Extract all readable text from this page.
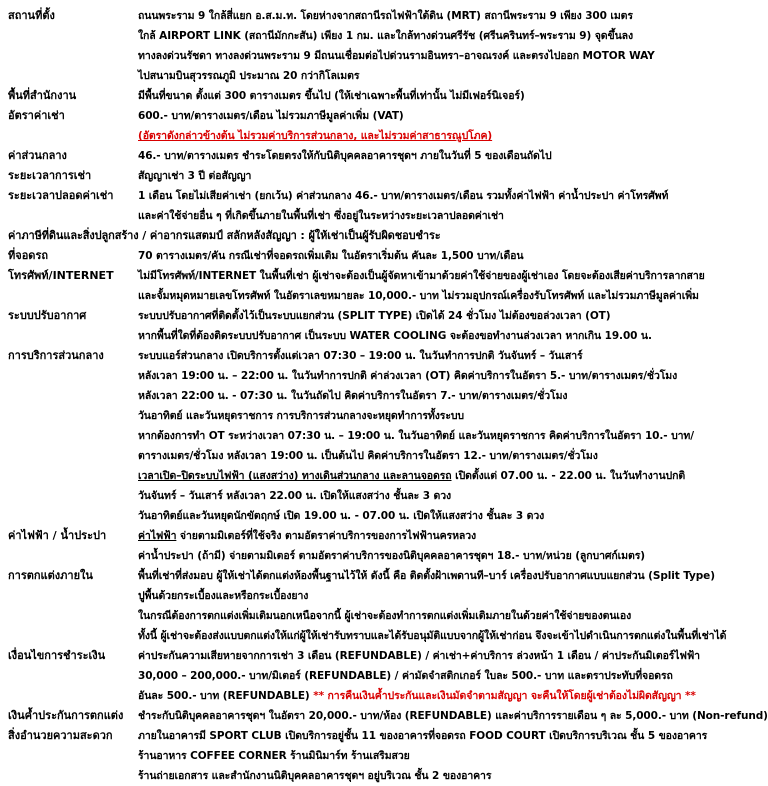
สถานที่ตั้ง	ถนนพระราม 9 ใกล้สี่แยก อ.ส.ม.ท. โดยห่างจากสถานีรถไฟฟ้าใต้ดิน (MRT) สถานีพระราม 9 เพียง 300 เมตร
ใกล้ AIRPORT LINK (สถานีมักกะสัน) เพียง 1 กม. และใกล้ทางด่วนศรีรัช (ศรีนครินทร์–พระราม 9) จุดขึ้นลง
ทางลงด่วนรัชดา ทางลงด่วนพระราม 9 มีถนนเชื่อมต่อไปด่วนรามอินทรา–อาจณรงค์ และตรงไปออก MOTOR WAY
ไปสนามบินสุวรรณภูมิ ประมาณ 20 กว่ากิโลเมตร
พื้นที่สำนักงาน	มีพื้นที่ขนาด ตั้งแต่ 300 ตารางเมตร ขึ้นไป (ให้เช่าเฉพาะพื้นที่เท่านั้น ไม่มีเฟอร์นิเจอร์)
อัตราค่าเช่า	600.- บาท/ตารางเมตร/เดือน ไม่รวมภาษีมูลค่าเพิ่ม (VAT)
(อัตราดังกล่าวข้างต้น ไม่รวมค่าบริการส่วนกลาง, และไม่รวมค่าสาธารณูปโภค)
ค่าส่วนกลาง	46.- บาท/ตารางเมตร ชำระโดยตรงให้กับนิติบุคคลอาคารชุดฯ ภายในวันที่ 5 ของเดือนถัดไป
ระยะเวลาการเช่า	สัญญาเช่า 3 ปี ต่อสัญญา
ระยะเวลาปลอดค่าเช่า	1 เดือน โดยไม่เสียค่าเช่า (ยกเว้น) ค่าส่วนกลาง 46.- บาท/ตารางเมตร/เดือน รวมทั้งค่าไฟฟ้า ค่าน้ำประปา ค่าโทรศัพท์
และค่าใช้จ่ายอื่น ๆ ที่เกิดขึ้นภายในพื้นที่เช่า ซึ่งอยู่ในระหว่างระยะเวลาปลอดค่าเช่า
ค่าภาษีที่ดินและสิ่งปลูกสร้าง / ค่าอากรแสตมป์ สลักหลังสัญญา : ผู้ให้เช่าเป็นผู้รับผิดชอบชำระ
ที่จอดรถ	70 ตารางเมตร/คัน กรณีเช่าที่จอดรถเพิ่มเติม ในอัตราเริ่มต้น คันละ 1,500 บาท/เดือน
โทรศัพท์/INTERNET	ไม่มีโทรศัพท์/INTERNET ในพื้นที่เช่า ผู้เช่าจะต้องเป็นผู้จัดหาเข้ามาด้วยค่าใช้จ่ายของผู้เช่าเอง โดยจะต้องเสียค่าบริการลากสาย
และจั้มหมุดหมายเลขโทรศัพท์ ในอัตราเลขหมายละ 10,000.- บาท ไม่รวมอุปกรณ์เครื่องรับโทรศัพท์ และไม่รวมภาษีมูลค่าเพิ่ม
ระบบปรับอากาศ	ระบบปรับอากาศที่ติดตั้งไว้เป็นระบบแยกส่วน (SPLIT TYPE) เปิดได้ 24 ชั่วโมง ไม่ต้องขอล่วงเวลา (OT)
หากพื้นที่ใดที่ต้องติดระบบปรับอากาศ เป็นระบบ WATER COOLING จะต้องขอทำงานล่วงเวลา หากเกิน 19.00 น.
การบริการส่วนกลาง	ระบบแอร์ส่วนกลาง เปิดบริการตั้งแต่เวลา 07:30 – 19:00 น. ในวันทำการปกติ วันจันทร์ – วันเสาร์
หลังเวลา 19:00 น. – 22:00 น. ในวันทำการปกติ ค่าล่วงเวลา (OT) คิดค่าบริการในอัตรา 5.- บาท/ตารางเมตร/ชั่วโมง
หลังเวลา 22:00 น. - 07:30 น. ในวันถัดไป คิดค่าบริการในอัตรา 7.- บาท/ตารางเมตร/ชั่วโมง
วันอาทิตย์ และวันหยุดราชการ การบริการส่วนกลางจะหยุดทำการทั้งระบบ
หากต้องการทำ OT ระหว่างเวลา 07:30 น. – 19:00 น. ในวันอาทิตย์ และวันหยุดราชการ คิดค่าบริการในอัตรา 10.- บาท/
ตารางเมตร/ชั่วโมง หลังเวลา 19:00 น. เป็นต้นไป คิดค่าบริการในอัตรา 12.- บาท/ตารางเมตร/ชั่วโมง
เวลาเปิด–ปิดระบบไฟฟ้า (แสงสว่าง) ทางเดินส่วนกลาง และลานจอดรถ เปิดตั้งแต่ 07.00 น. - 22.00 น. ในวันทำงานปกติ
วันจันทร์ – วันเสาร์ หลังเวลา 22.00 น. เปิดให้แสงสว่าง ชั้นละ 3 ดวง
วันอาทิตย์และวันหยุดนักขัตฤกษ์ เปิด 19.00 น. - 07.00 น. เปิดให้แสงสว่าง ชั้นละ 3 ดวง
ค่าไฟฟ้า / น้ำประปา	ค่าไฟฟ้า จ่ายตามมิเตอร์ที่ใช้จริง ตามอัตราค่าบริการของการไฟฟ้านครหลวง
ค่าน้ำประปา (ถ้ามี) จ่ายตามมิเตอร์ ตามอัตราค่าบริการของนิติบุคคลอาคารชุดฯ 18.- บาท/หน่วย (ลูกบาศก์เมตร)
การตกแต่งภายใน	พื้นที่เช่าที่ส่งมอบ ผู้ให้เช่าได้ตกแต่งห้องพื้นฐานไว้ให้ ดังนี้ คือ ติดตั้งฝ้าเพดานที–บาร์ เครื่องปรับอากาศแบบแยกส่วน (Split Type)
ปูพื้นด้วยกระเบื้องและหรือกระเบื้องยาง
ในกรณีต้องการตกแต่งเพิ่มเติมนอกเหนือจากนี้ ผู้เช่าจะต้องทำการตกแต่งเพิ่มเติมภายในด้วยค่าใช้จ่ายของตนเอง
ทั้งนี้ ผู้เช่าจะต้องส่งแบบตกแต่งให้แก่ผู้ให้เช่ารับทราบและได้รับอนุมัติแบบจากผู้ให้เช่าก่อน จึงจะเข้าไปดำเนินการตกแต่งในพื้นที่เช่าได้
เงื่อนไขการชำระเงิน	ค่าประกันความเสียหายจากการเช่า 3 เดือน (REFUNDABLE) / ค่าเช่า+ค่าบริการ ล่วงหน้า 1 เดือน / ค่าประกันมิเตอร์ไฟฟ้า
30,000 – 200,000.- บาท/มิเตอร์ (REFUNDABLE) / ค่ามัดจำสติกเกอร์ ใบละ 500.- บาท และตราประทับที่จอดรถ
อันละ 500.- บาท (REFUNDABLE) ** การคืนเงินค้ำประกันและเงินมัดจำตามสัญญา จะคืนให้โดยผู้เช่าต้องไม่ผิดสัญญา **
เงินค้ำประกันการตกแต่ง	ชำระกับนิติบุคคลอาคารชุดฯ ในอัตรา 20,000.- บาท/ห้อง (REFUNDABLE) และค่าบริการรายเดือน ๆ ละ 5,000.- บาท (Non-refund)
สิ่งอำนวยความสะดวก	ภายในอาคารมี SPORT CLUB เปิดบริการอยู่ชั้น 11 ของอาคารที่จอดรถ FOOD COURT เปิดบริการบริเวณ ชั้น 5 ของอาคาร
ร้านอาหาร COFFEE CORNER ร้านมินิมาร์ท ร้านเสริมสวย
ร้านถ่ายเอกสาร และสำนักงานนิติบุคคลอาคารชุดฯ อยู่บริเวณ ชั้น 2 ของอาคาร
